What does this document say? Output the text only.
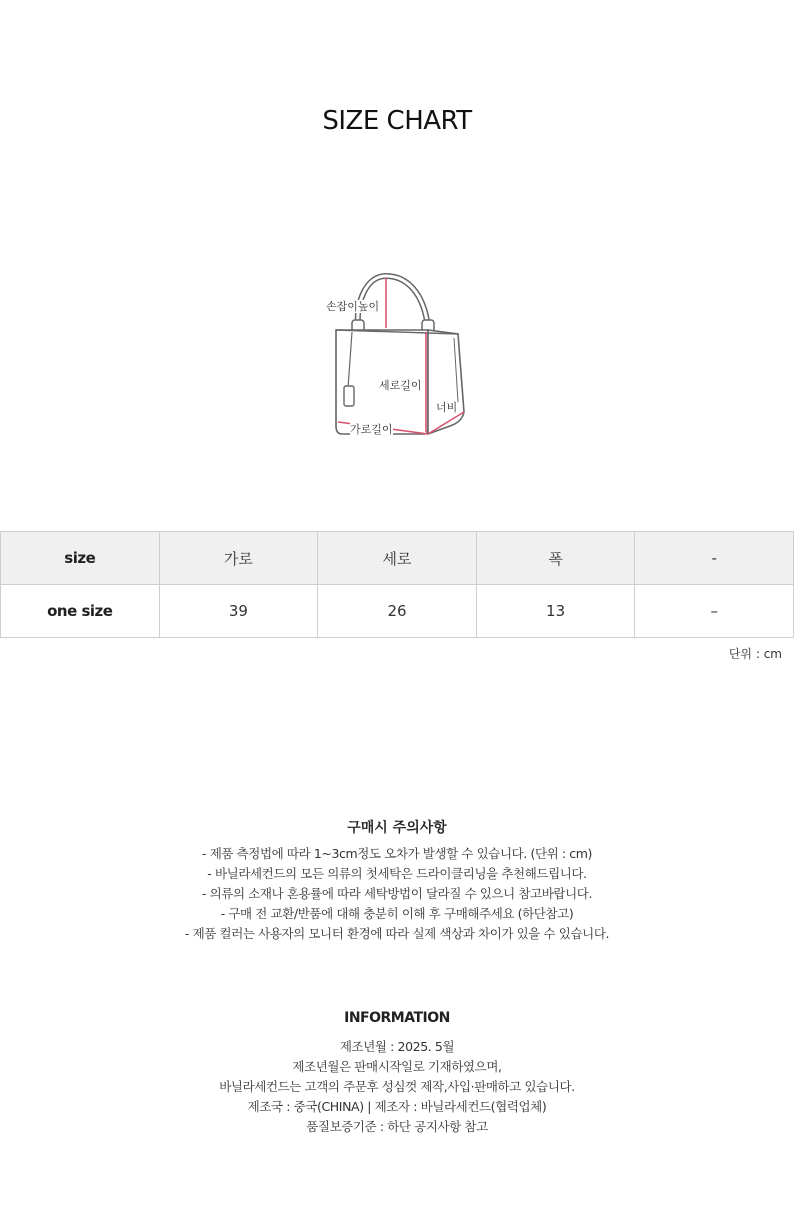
SIZE CHART
손잡이높이
세로길이
너비
가로길이
size	가로	세로	폭	-
one size	39	26	13	–
단위 : cm
구매시 주의사항
- 제품 측정법에 따라 1~3cm정도 오차가 발생할 수 있습니다. (단위 : cm)
- 바닐라세컨드의 모든 의류의 첫세탁은 드라이클리닝을 추천해드립니다.
- 의류의 소재나 혼용률에 따라 세탁방법이 달라질 수 있으니 참고바랍니다.
- 구매 전 교환/반품에 대해 충분히 이해 후 구매해주세요 (하단참고)
- 제품 컬러는 사용자의 모니터 환경에 따라 실제 색상과 차이가 있을 수 있습니다.
INFORMATION
제조년월 : 2025. 5월
제조년월은 판매시작일로 기재하였으며,
바닐라세컨드는 고객의 주문후 성심껏 제작,사입·판매하고 있습니다.
제조국 : 중국(CHINA) | 제조자 : 바닐라세컨드(협력업체)
품질보증기준 : 하단 공지사항 참고
